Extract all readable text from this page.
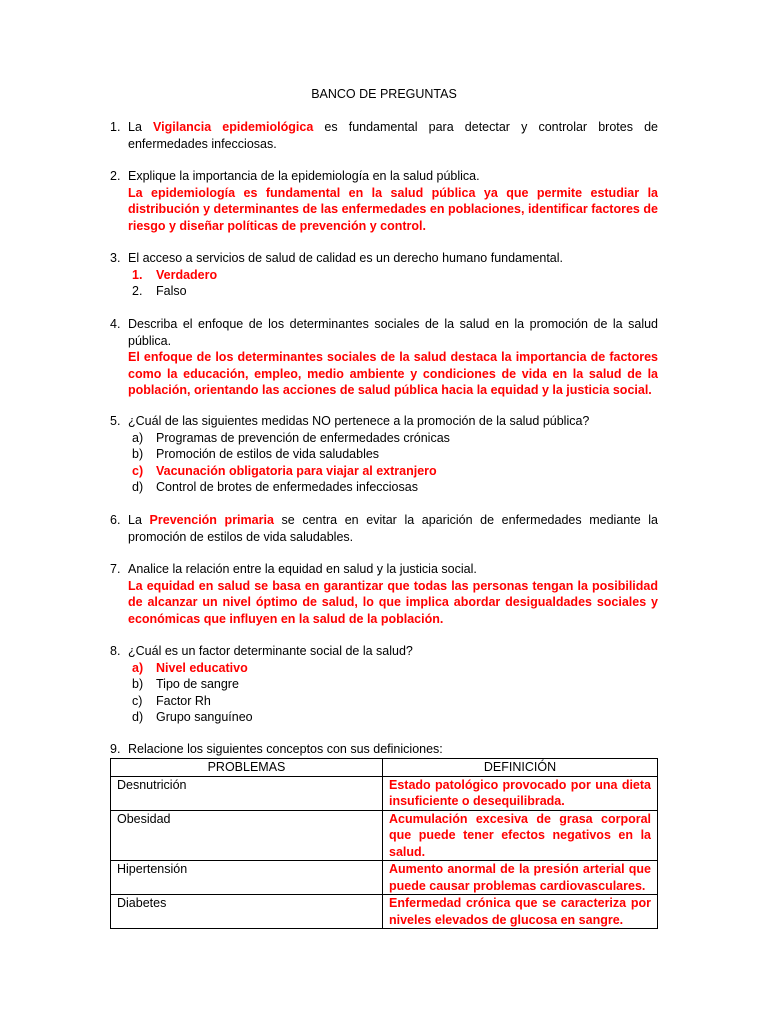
BANCO DE PREGUNTAS
1. La Vigilancia epidemiológica es fundamental para detectar y controlar brotes de enfermedades infecciosas.
2. Explique la importancia de la epidemiología en la salud pública.
La epidemiología es fundamental en la salud pública ya que permite estudiar la distribución y determinantes de las enfermedades en poblaciones, identificar factores de riesgo y diseñar políticas de prevención y control.
3. El acceso a servicios de salud de calidad es un derecho humano fundamental.
1. Verdadero
2. Falso
4. Describa el enfoque de los determinantes sociales de la salud en la promoción de la salud pública.
El enfoque de los determinantes sociales de la salud destaca la importancia de factores como la educación, empleo, medio ambiente y condiciones de vida en la salud de la población, orientando las acciones de salud pública hacia la equidad y la justicia social.
5. ¿Cuál de las siguientes medidas NO pertenece a la promoción de la salud pública?
a) Programas de prevención de enfermedades crónicas
b) Promoción de estilos de vida saludables
c) Vacunación obligatoria para viajar al extranjero
d) Control de brotes de enfermedades infecciosas
6. La Prevención primaria se centra en evitar la aparición de enfermedades mediante la promoción de estilos de vida saludables.
7. Analice la relación entre la equidad en salud y la justicia social.
La equidad en salud se basa en garantizar que todas las personas tengan la posibilidad de alcanzar un nivel óptimo de salud, lo que implica abordar desigualdades sociales y económicas que influyen en la salud de la población.
8. ¿Cuál es un factor determinante social de la salud?
a) Nivel educativo
b) Tipo de sangre
c) Factor Rh
d) Grupo sanguíneo
9. Relacione los siguientes conceptos con sus definiciones:
PROBLEMAS	DEFINICIÓN
Desnutrición	Estado patológico provocado por una dieta insuficiente o desequilibrada.
Obesidad	Acumulación excesiva de grasa corporal que puede tener efectos negativos en la salud.
Hipertensión	Aumento anormal de la presión arterial que puede causar problemas cardiovasculares.
Diabetes	Enfermedad crónica que se caracteriza por niveles elevados de glucosa en sangre.
